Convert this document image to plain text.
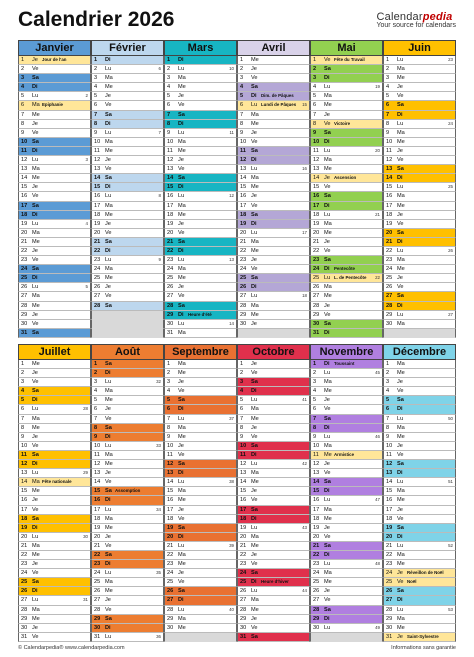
Calendrier 2026	Calendarpedia
Your source for calendars
Janvier
1 Je Jour de l'an
2 Ve
3 Sa
4 Di
5 Lu	2
6 Ma Epiphanie
7 Me
8 Je
9 Ve
10 Sa
11 Di
12 Lu	3
13 Ma
14 Me
15 Je
16 Ve
17 Sa
18 Di
19 Lu	4
20 Ma
21 Me
22 Je
23 Ve
24 Sa
25 Di
26 Lu	5
27 Ma
28 Me
29 Je
30 Ve
31 Sa
Février
1 Di
2 Lu	6
3 Ma
4 Me
5 Je
6 Ve
7 Sa
8 Di
9 Lu	7
10 Ma
11 Me
12 Je
13 Ve
14 Sa
15 Di
16 Lu	8
17 Ma
18 Me
19 Je
20 Ve
21 Sa
22 Di
23 Lu	9
24 Ma
25 Me
26 Je
27 Ve
28 Sa
Mars
1 Di
2 Lu	10
3 Ma
4 Me
5 Je
6 Ve
7 Sa
8 Di
9 Lu	11
10 Ma
11 Me
12 Je
13 Ve
14 Sa
15 Di
16 Lu	12
17 Ma
18 Me
19 Je
20 Ve
21 Sa
22 Di
23 Lu	13
24 Ma
25 Me
26 Je
27 Ve
28 Sa
29 Di Heure d'été
30 Lu	14
31 Ma
Avril
1 Me
2 Je
3 Ve
4 Sa
5 Di Dim. de Pâques
6 Lu Lundi de Pâques 15
7 Ma
8 Me
9 Je
10 Ve
11 Sa
12 Di
13 Lu	16
14 Ma
15 Me
16 Je
17 Ve
18 Sa
19 Di
20 Lu	17
21 Ma
22 Me
23 Je
24 Ve
25 Sa
26 Di
27 Lu	18
28 Ma
29 Me
30 Je
Mai
1 Ve Fête du Travail
2 Sa
3 Di
4 Lu	19
5 Ma
6 Me
7 Je
8 Ve Victoire
9 Sa
10 Di
11 Lu	20
12 Ma
13 Me
14 Je Ascension
15 Ve
16 Sa
17 Di
18 Lu	21
19 Ma
20 Me
21 Je
22 Ve
23 Sa
24 Di Pentecôte
25 Lu L. de Pentecôte 22
26 Ma
27 Me
28 Je
29 Ve
30 Sa
31 Di
Juin
1 Lu	23
2 Ma
3 Me
4 Je
5 Ve
6 Sa
7 Di
8 Lu	24
9 Ma
10 Me
11 Je
12 Ve
13 Sa
14 Di
15 Lu	25
16 Ma
17 Me
18 Je
19 Ve
20 Sa
21 Di
22 Lu	26
23 Ma
24 Me
25 Je
26 Ve
27 Sa
28 Di
29 Lu	27
30 Ma
Juillet
1 Me
2 Je
3 Ve
4 Sa
5 Di
6 Lu	28
7 Ma
8 Me
9 Je
10 Ve
11 Sa
12 Di
13 Lu	29
14 Ma Fête nationale
15 Me
16 Je
17 Ve
18 Sa
19 Di
20 Lu	30
21 Ma
22 Me
23 Je
24 Ve
25 Sa
26 Di
27 Lu	31
28 Ma
29 Me
30 Je
31 Ve
Août
1 Sa
2 Di
3 Lu	32
4 Ma
5 Me
6 Je
7 Ve
8 Sa
9 Di
10 Lu	33
11 Ma
12 Me
13 Je
14 Ve
15 Sa Assomption
16 Di
17 Lu	34
18 Ma
19 Me
20 Je
21 Ve
22 Sa
23 Di
24 Lu	35
25 Ma
26 Me
27 Je
28 Ve
29 Sa
30 Di
31 Lu	36
Septembre
1 Ma
2 Me
3 Je
4 Ve
5 Sa
6 Di
7 Lu	37
8 Ma
9 Me
10 Je
11 Ve
12 Sa
13 Di
14 Lu	38
15 Ma
16 Me
17 Je
18 Ve
19 Sa
20 Di
21 Lu	39
22 Ma
23 Me
24 Je
25 Ve
26 Sa
27 Di
28 Lu	40
29 Ma
30 Me
Octobre
1 Je
2 Ve
3 Sa
4 Di
5 Lu	41
6 Ma
7 Me
8 Je
9 Ve
10 Sa
11 Di
12 Lu	42
13 Ma
14 Me
15 Je
16 Ve
17 Sa
18 Di
19 Lu	43
20 Ma
21 Me
22 Je
23 Ve
24 Sa
25 Di Heure d'hiver
26 Lu	44
27 Ma
28 Me
29 Je
30 Ve
31 Sa
Novembre
1 Di Toussaint
2 Lu	45
3 Ma
4 Me
5 Je
6 Ve
7 Sa
8 Di
9 Lu	46
10 Ma
11 Me Armistice
12 Je
13 Ve
14 Sa
15 Di
16 Lu	47
17 Ma
18 Me
19 Je
20 Ve
21 Sa
22 Di
23 Lu	48
24 Ma
25 Me
26 Je
27 Ve
28 Sa
29 Di
30 Lu	49
Décembre
1 Ma
2 Me
3 Je
4 Ve
5 Sa
6 Di
7 Lu	50
8 Ma
9 Me
10 Je
11 Ve
12 Sa
13 Di
14 Lu	51
15 Ma
16 Me
17 Je
18 Ve
19 Sa
20 Di
21 Lu	52
22 Ma
23 Me
24 Je Réveillon de Noël
25 Ve Noël
26 Sa
27 Di
28 Lu	53
29 Ma
30 Me
31 Je Saint-Sylvestre
© Calendarpedia® www.calendarpedia.com	Informations sans garantie
